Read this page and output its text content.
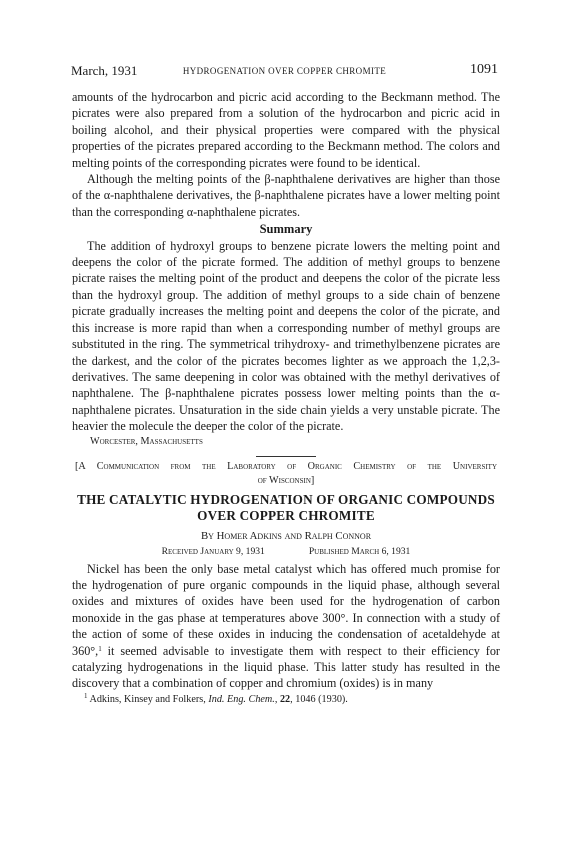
March, 1931	HYDROGENATION OVER COPPER CHROMITE	1091

amounts of the hydrocarbon and picric acid according to the Beckmann method. The picrates were also prepared from a solution of the hydrocarbon and picric acid in boiling alcohol, and their physical properties were compared with the physical properties of the picrates prepared according to the Beckmann method. The colors and melting points of the corresponding picrates were found to be identical.

Although the melting points of the β-naphthalene derivatives are higher than those of the α-naphthalene derivatives, the β-naphthalene picrates have a lower melting point than the corresponding α-naphthalene picrates.

Summary

The addition of hydroxyl groups to benzene picrate lowers the melting point and deepens the color of the picrate formed. The addition of methyl groups to benzene picrate raises the melting point of the product and deepens the color of the picrate less than the hydroxyl group. The addition of methyl groups to a side chain of benzene picrate gradually increases the melting point and deepens the color of the picrate, and this increase is more rapid than when a corresponding number of methyl groups are substituted in the ring. The symmetrical trihydroxy- and trimethylbenzene picrates are the darkest, and the color of the picrates becomes lighter as we approach the 1,2,3-derivatives. The same deepening in color was obtained with the methyl derivatives of naphthalene. The β-naphthalene picrates possess lower melting points than the α-naphthalene picrates. Unsaturation in the side chain yields a very unstable picrate. The heavier the molecule the deeper the color of the picrate.

Worcester, Massachusetts
[A Communication from the Laboratory of Organic Chemistry of the University
of Wisconsin]
THE CATALYTIC HYDROGENATION OF ORGANIC COMPOUNDS
OVER COPPER CHROMITE
By Homer Adkins and Ralph Connor
Received January 9, 1931	Published March 6, 1931

Nickel has been the only base metal catalyst which has offered much promise for the hydrogenation of pure organic compounds in the liquid phase, although several oxides and mixtures of oxides have been used for the hydrogenation of carbon monoxide in the gas phase at temperatures above 300°. In connection with a study of the action of some of these oxides in inducing the condensation of acetaldehyde at 360°,$^1$ it seemed advisable to investigate them with respect to their efficiency for catalyzing hydrogenations in the liquid phase. This latter study has resulted in the discovery that a combination of copper and chromium (oxides) is in many

$^1$ Adkins, Kinsey and Folkers, Ind. Eng. Chem., 22, 1046 (1930).
